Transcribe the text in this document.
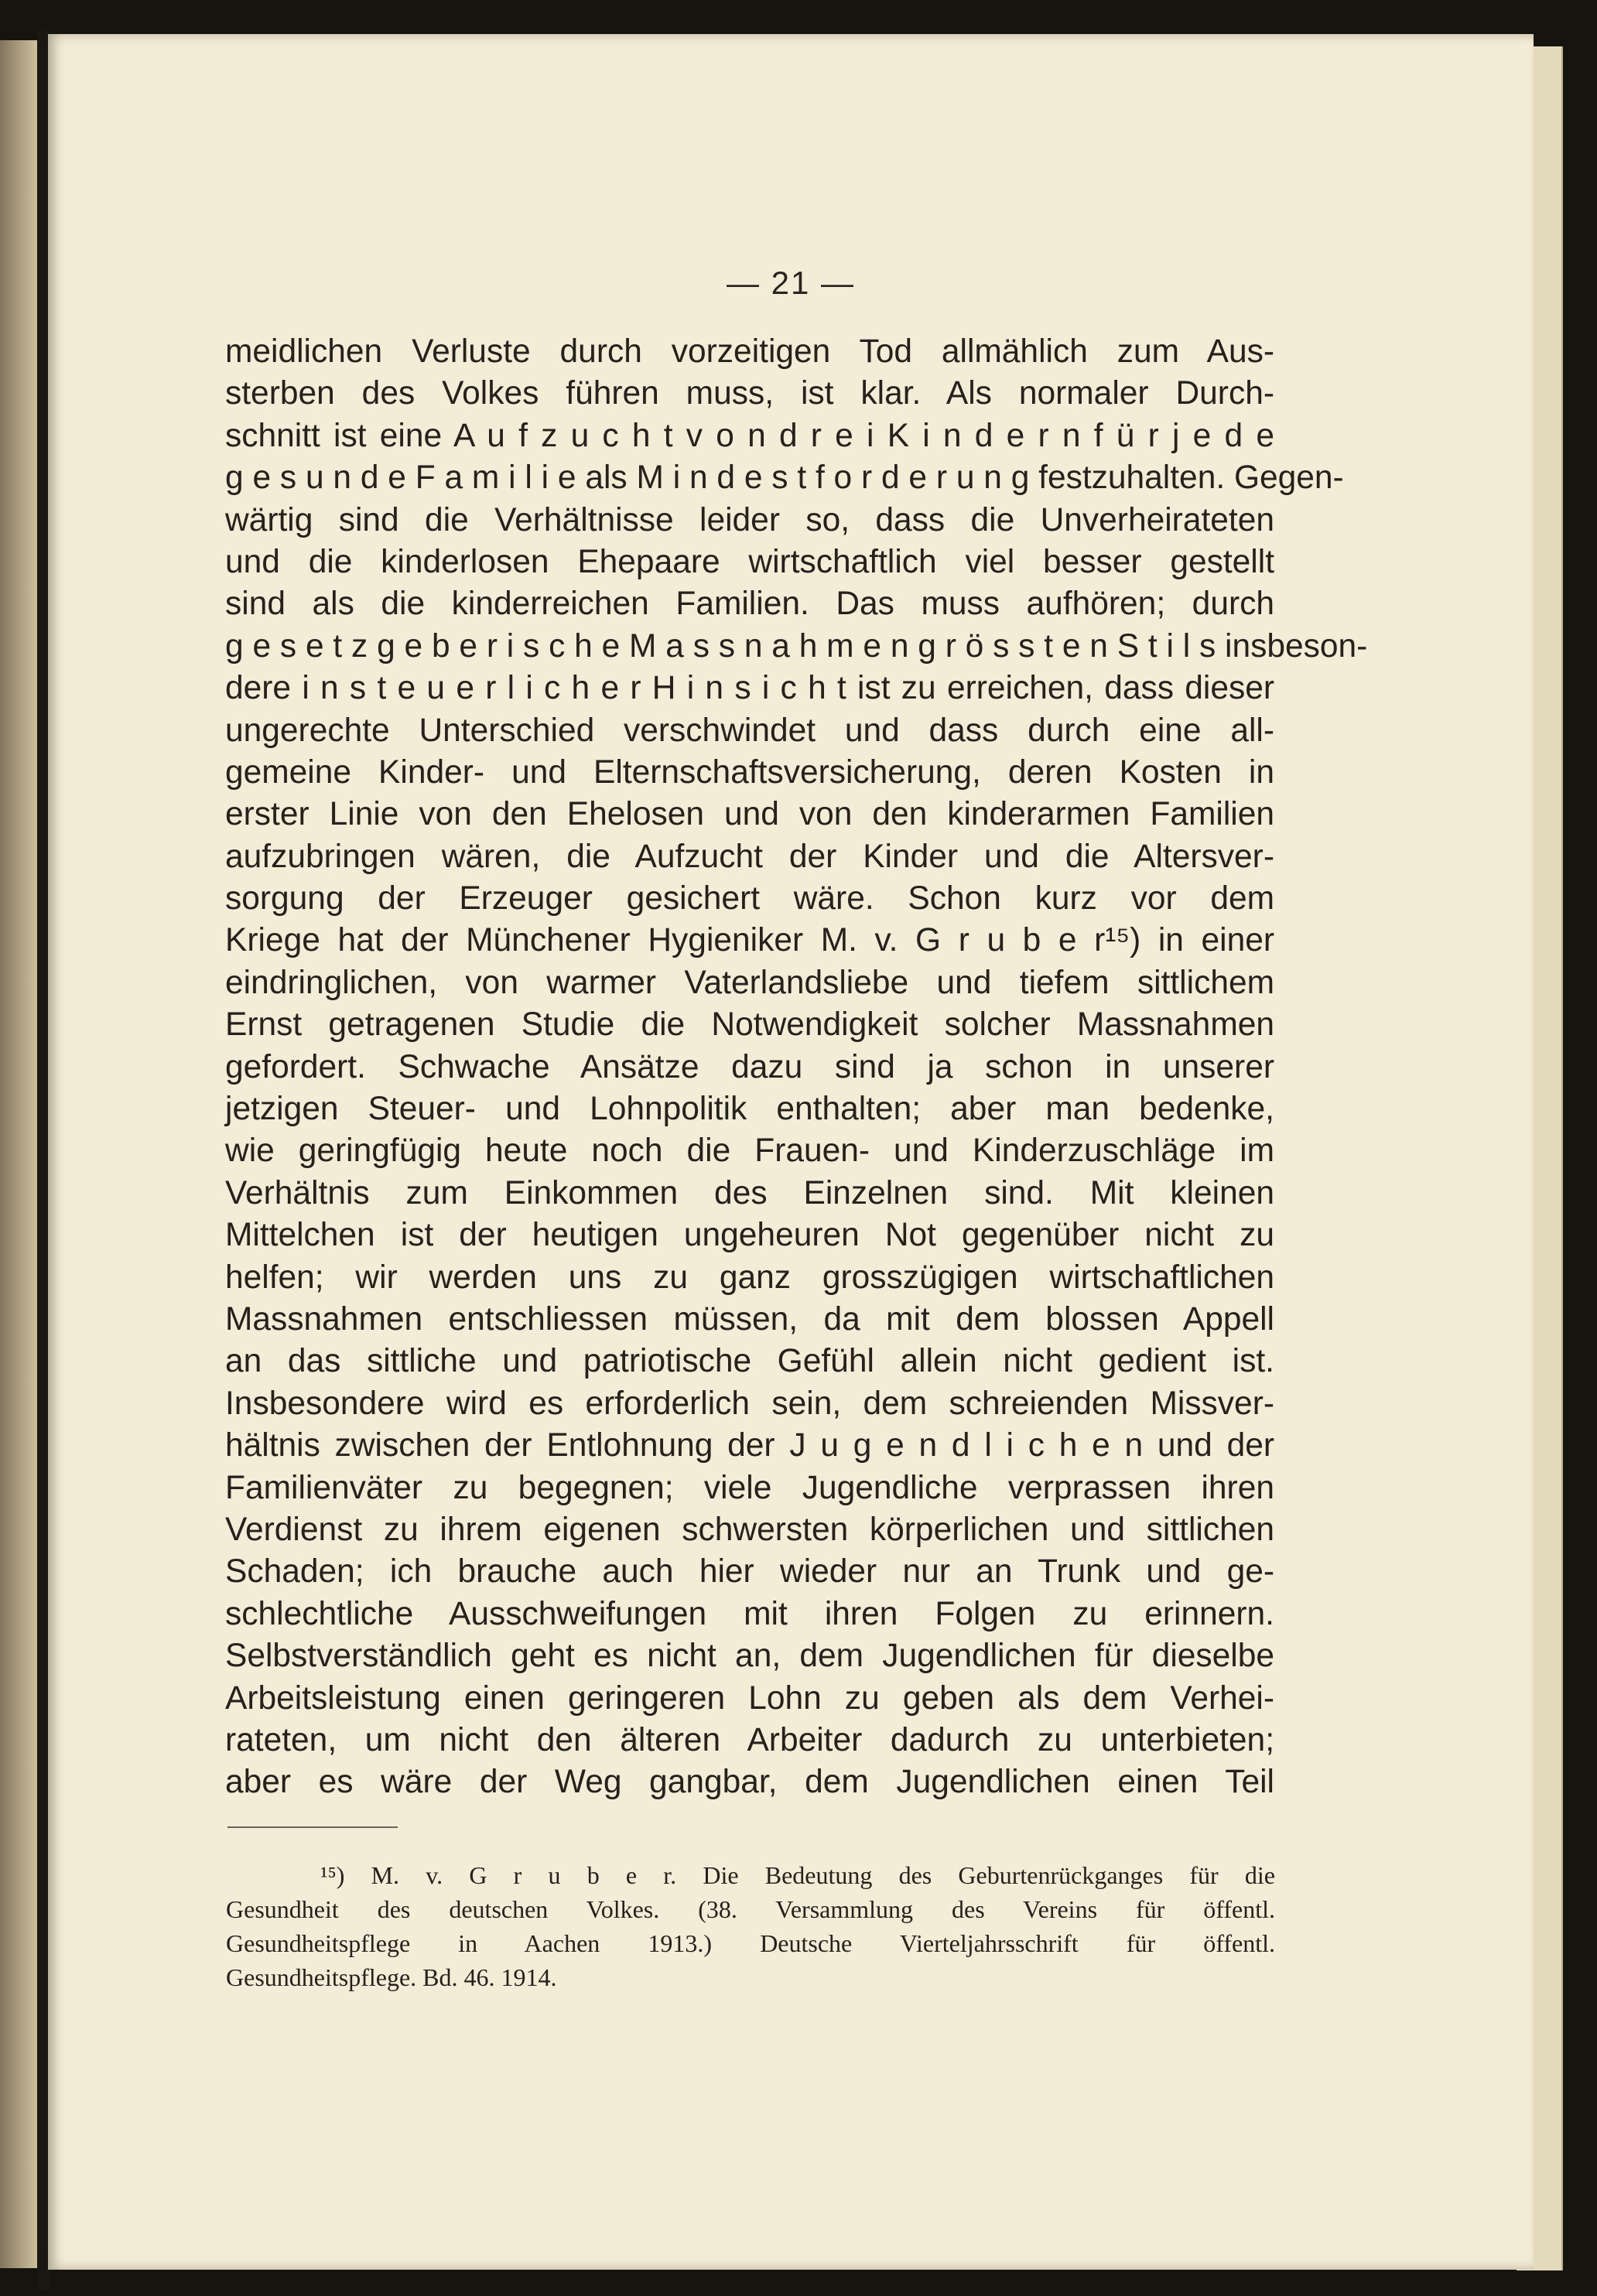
— 21 —
meidlichen Verluste durch vorzeitigen Tod allmählich zum Aus-
sterben des Volkes führen muss, ist klar. Als normaler Durch-
schnitt ist eine A u f z u c h t v o n d r e i K i n d e r n f ü r j e d e
g e s u n d e F a m i l i e als M i n d e s t f o r d e r u n g festzuhalten. Gegen-
wärtig sind die Verhältnisse leider so, dass die Unverheirateten
und die kinderlosen Ehepaare wirtschaftlich viel besser gestellt
sind als die kinderreichen Familien. Das muss aufhören; durch
g e s e t z g e b e r i s c h e M a s s n a h m e n g r ö s s t e n S t i l s insbeson-
dere i n s t e u e r l i c h e r H i n s i c h t ist zu erreichen, dass dieser
ungerechte Unterschied verschwindet und dass durch eine all-
gemeine Kinder- und Elternschaftsversicherung, deren Kosten in
erster Linie von den Ehelosen und von den kinderarmen Familien
aufzubringen wären, die Aufzucht der Kinder und die Altersver-
sorgung der Erzeuger gesichert wäre. Schon kurz vor dem
Kriege hat der Münchener Hygieniker M. v. G r u b e r¹⁵) in einer
eindringlichen, von warmer Vaterlandsliebe und tiefem sittlichem
Ernst getragenen Studie die Notwendigkeit solcher Massnahmen
gefordert. Schwache Ansätze dazu sind ja schon in unserer
jetzigen Steuer- und Lohnpolitik enthalten; aber man bedenke,
wie geringfügig heute noch die Frauen- und Kinderzuschläge im
Verhältnis zum Einkommen des Einzelnen sind. Mit kleinen
Mittelchen ist der heutigen ungeheuren Not gegenüber nicht zu
helfen; wir werden uns zu ganz grosszügigen wirtschaftlichen
Massnahmen entschliessen müssen, da mit dem blossen Appell
an das sittliche und patriotische Gefühl allein nicht gedient ist.
Insbesondere wird es erforderlich sein, dem schreienden Missver-
hältnis zwischen der Entlohnung der J u g e n d l i c h e n und der
Familienväter zu begegnen; viele Jugendliche verprassen ihren
Verdienst zu ihrem eigenen schwersten körperlichen und sittlichen
Schaden; ich brauche auch hier wieder nur an Trunk und ge-
schlechtliche Ausschweifungen mit ihren Folgen zu erinnern.
Selbstverständlich geht es nicht an, dem Jugendlichen für dieselbe
Arbeitsleistung einen geringeren Lohn zu geben als dem Verhei-
rateten, um nicht den älteren Arbeiter dadurch zu unterbieten;
aber es wäre der Weg gangbar, dem Jugendlichen einen Teil
¹⁵) M. v. G r u b e r. Die Bedeutung des Geburtenrückganges für die
Gesundheit des deutschen Volkes. (38. Versammlung des Vereins für öffentl.
Gesundheitspflege in Aachen 1913.) Deutsche Vierteljahrsschrift für öffentl.
Gesundheitspflege. Bd. 46. 1914.
